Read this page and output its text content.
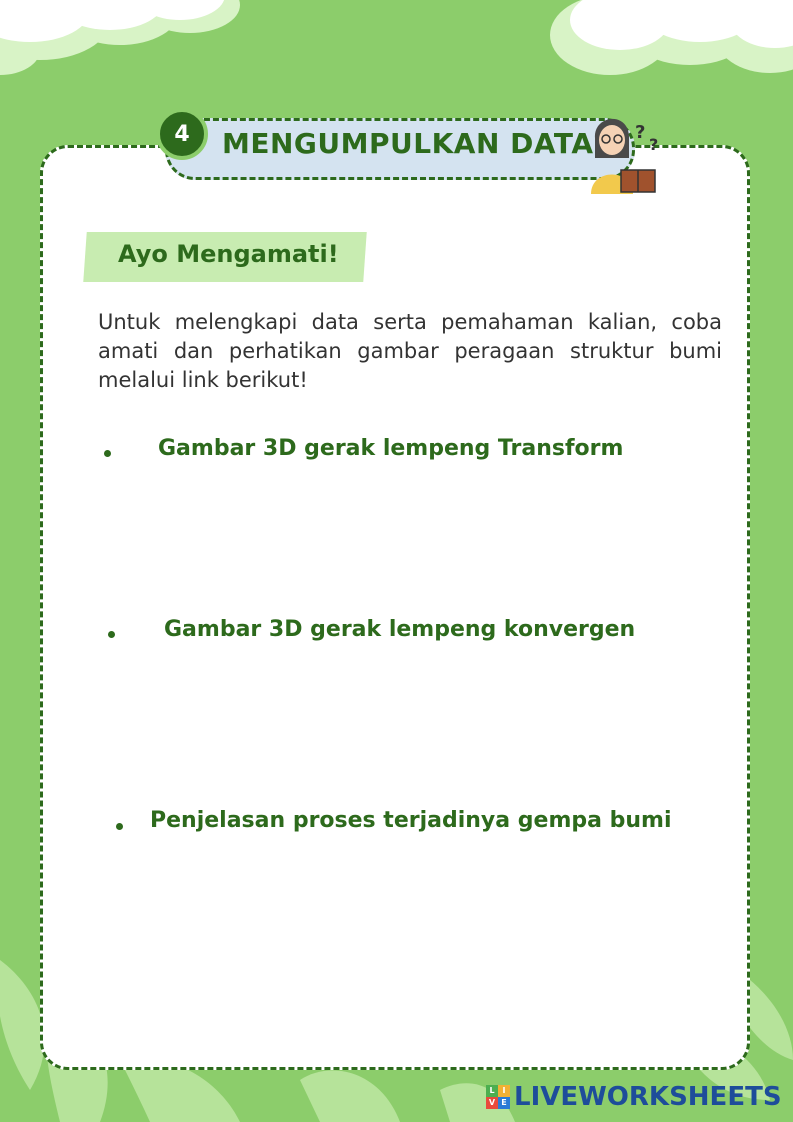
MENGUMPULKAN DATA
4	?
?
Ayo Mengamati!
Untuk melengkapi data serta pemahaman kalian, coba amati dan perhatikan gambar peragaan struktur bumi melalui link berikut!
Gambar 3D gerak lempeng Transform
Gambar 3D gerak lempeng konvergen
Penjelasan proses terjadinya gempa bumi
L I
V E LIVEWORKSHEETS
